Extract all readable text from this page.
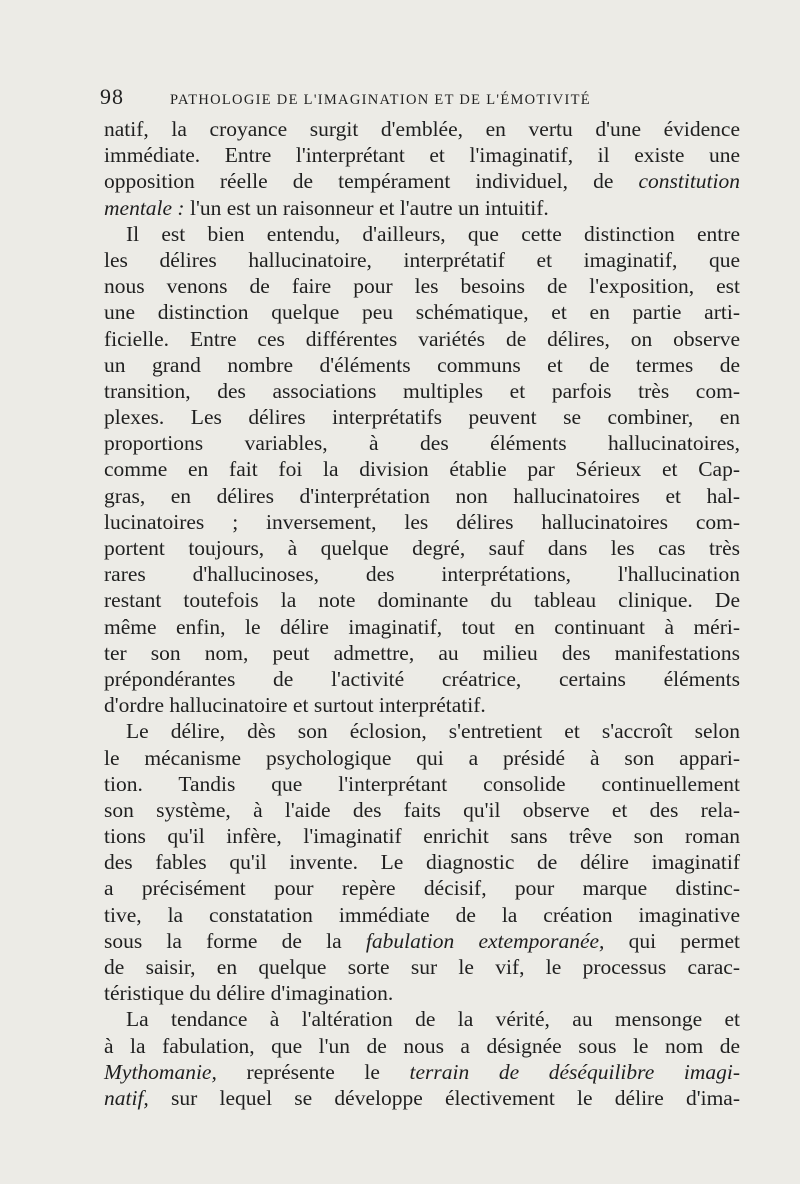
98	PATHOLOGIE DE L'IMAGINATION ET DE L'ÉMOTIVITÉ
natif, la croyance surgit d'emblée, en vertu d'une évidence
immédiate. Entre l'interprétant et l'imaginatif, il existe une
opposition réelle de tempérament individuel, de constitution
mentale : l'un est un raisonneur et l'autre un intuitif.
Il est bien entendu, d'ailleurs, que cette distinction entre
les délires hallucinatoire, interprétatif et imaginatif, que
nous venons de faire pour les besoins de l'exposition, est
une distinction quelque peu schématique, et en partie arti-
ficielle. Entre ces différentes variétés de délires, on observe
un grand nombre d'éléments communs et de termes de
transition, des associations multiples et parfois très com-
plexes. Les délires interprétatifs peuvent se combiner, en
proportions variables, à des éléments hallucinatoires,
comme en fait foi la division établie par Sérieux et Cap-
gras, en délires d'interprétation non hallucinatoires et hal-
lucinatoires ; inversement, les délires hallucinatoires com-
portent toujours, à quelque degré, sauf dans les cas très
rares d'hallucinoses, des interprétations, l'hallucination
restant toutefois la note dominante du tableau clinique. De
même enfin, le délire imaginatif, tout en continuant à méri-
ter son nom, peut admettre, au milieu des manifestations
prépondérantes de l'activité créatrice, certains éléments
d'ordre hallucinatoire et surtout interprétatif.
Le délire, dès son éclosion, s'entretient et s'accroît selon
le mécanisme psychologique qui a présidé à son appari-
tion. Tandis que l'interprétant consolide continuellement
son système, à l'aide des faits qu'il observe et des rela-
tions qu'il infère, l'imaginatif enrichit sans trêve son roman
des fables qu'il invente. Le diagnostic de délire imaginatif
a précisément pour repère décisif, pour marque distinc-
tive, la constatation immédiate de la création imaginative
sous la forme de la fabulation extemporanée, qui permet
de saisir, en quelque sorte sur le vif, le processus carac-
téristique du délire d'imagination.
La tendance à l'altération de la vérité, au mensonge et
à la fabulation, que l'un de nous a désignée sous le nom de
Mythomanie, représente le terrain de déséquilibre imagi-
natif, sur lequel se développe électivement le délire d'ima-
